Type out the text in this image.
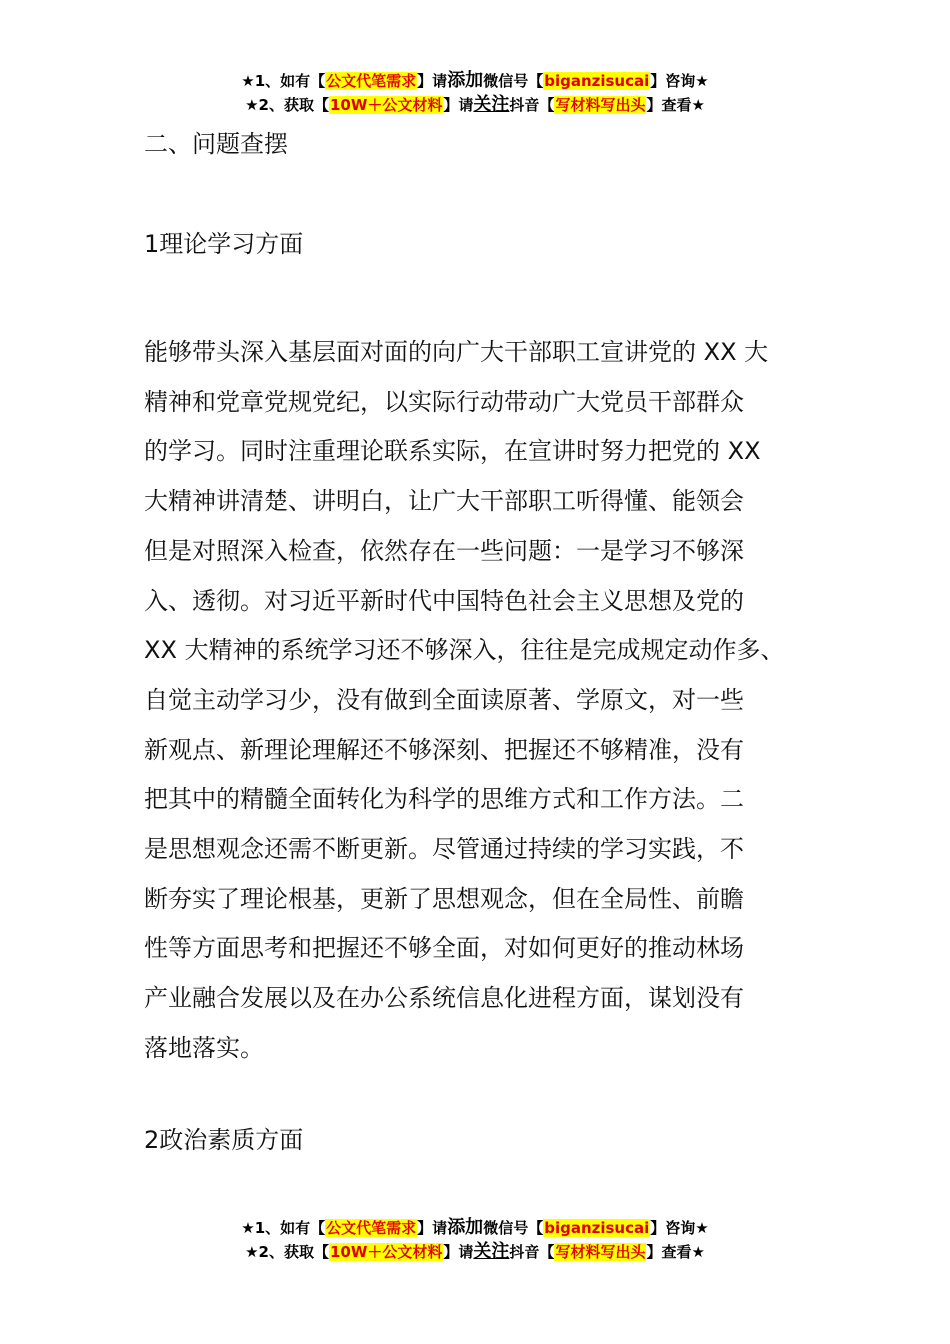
★1、如有【公文代笔需求】请添加微信号【biganzisucai】咨询★
★2、获取【10W＋公文材料】请关注抖音【写材料写出头】查看★
二、问题查摆
1理论学习方面
能够带头深入基层面对面的向广大干部职工宣讲党的 XX 大
精神和党章党规党纪，以实际行动带动广大党员干部群众
的学习。同时注重理论联系实际，在宣讲时努力把党的 XX
大精神讲清楚、讲明白，让广大干部职工听得懂、能领会
但是对照深入检查，依然存在一些问题：一是学习不够深
入、透彻。对习近平新时代中国特色社会主义思想及党的
XX 大精神的系统学习还不够深入，往往是完成规定动作多、
自觉主动学习少，没有做到全面读原著、学原文，对一些
新观点、新理论理解还不够深刻、把握还不够精准，没有
把其中的精髓全面转化为科学的思维方式和工作方法。二
是思想观念还需不断更新。尽管通过持续的学习实践，不
断夯实了理论根基，更新了思想观念，但在全局性、前瞻
性等方面思考和把握还不够全面，对如何更好的推动林场
产业融合发展以及在办公系统信息化进程方面，谋划没有
落地落实。
2政治素质方面
★1、如有【公文代笔需求】请添加微信号【biganzisucai】咨询★
★2、获取【10W＋公文材料】请关注抖音【写材料写出头】查看★
